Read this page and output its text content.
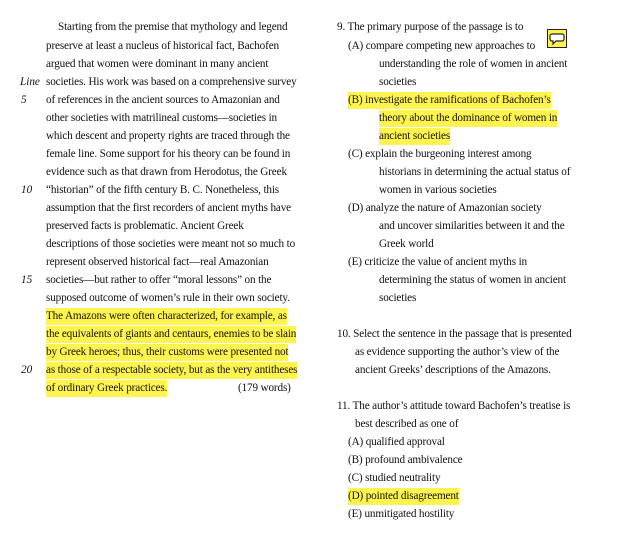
Starting from the premise that mythology and legend
preserve at least a nucleus of historical fact, Bachofen
argued that women were dominant in many ancient
Line societies. His work was based on a comprehensive survey
5 of references in the ancient sources to Amazonian and
other societies with matrilineal customs—societies in
which descent and property rights are traced through the
female line. Some support for his theory can be found in
evidence such as that drawn from Herodotus, the Greek
10 “historian” of the fifth century B. C. Nonetheless, this
assumption that the first recorders of ancient myths have
preserved facts is problematic. Ancient Greek
descriptions of those societies were meant not so much to
represent observed historical fact—real Amazonian
15 societies—but rather to offer “moral lessons” on the
supposed outcome of women’s rule in their own society.
The Amazons were often characterized, for example, as
the equivalents of giants and centaurs, enemies to be slain
by Greek heroes; thus, their customs were presented not
20 as those of a respectable society, but as the very antitheses
of ordinary Greek practices.	(179 words)
9. The primary purpose of the passage is to
(A) compare competing new approaches to
understanding the role of women in ancient
societies
(B) investigate the ramifications of Bachofen’s
theory about the dominance of women in
ancient societies
(C) explain the burgeoning interest among
historians in determining the actual status of
women in various societies
(D) analyze the nature of Amazonian society
and uncover similarities between it and the
Greek world
(E) criticize the value of ancient myths in
determining the status of women in ancient
societies
10. Select the sentence in the passage that is presented
as evidence supporting the author’s view of the
ancient Greeks’ descriptions of the Amazons.
11. The author’s attitude toward Bachofen’s treatise is
best described as one of
(A) qualified approval
(B) profound ambivalence
(C) studied neutrality
(D) pointed disagreement
(E) unmitigated hostility
